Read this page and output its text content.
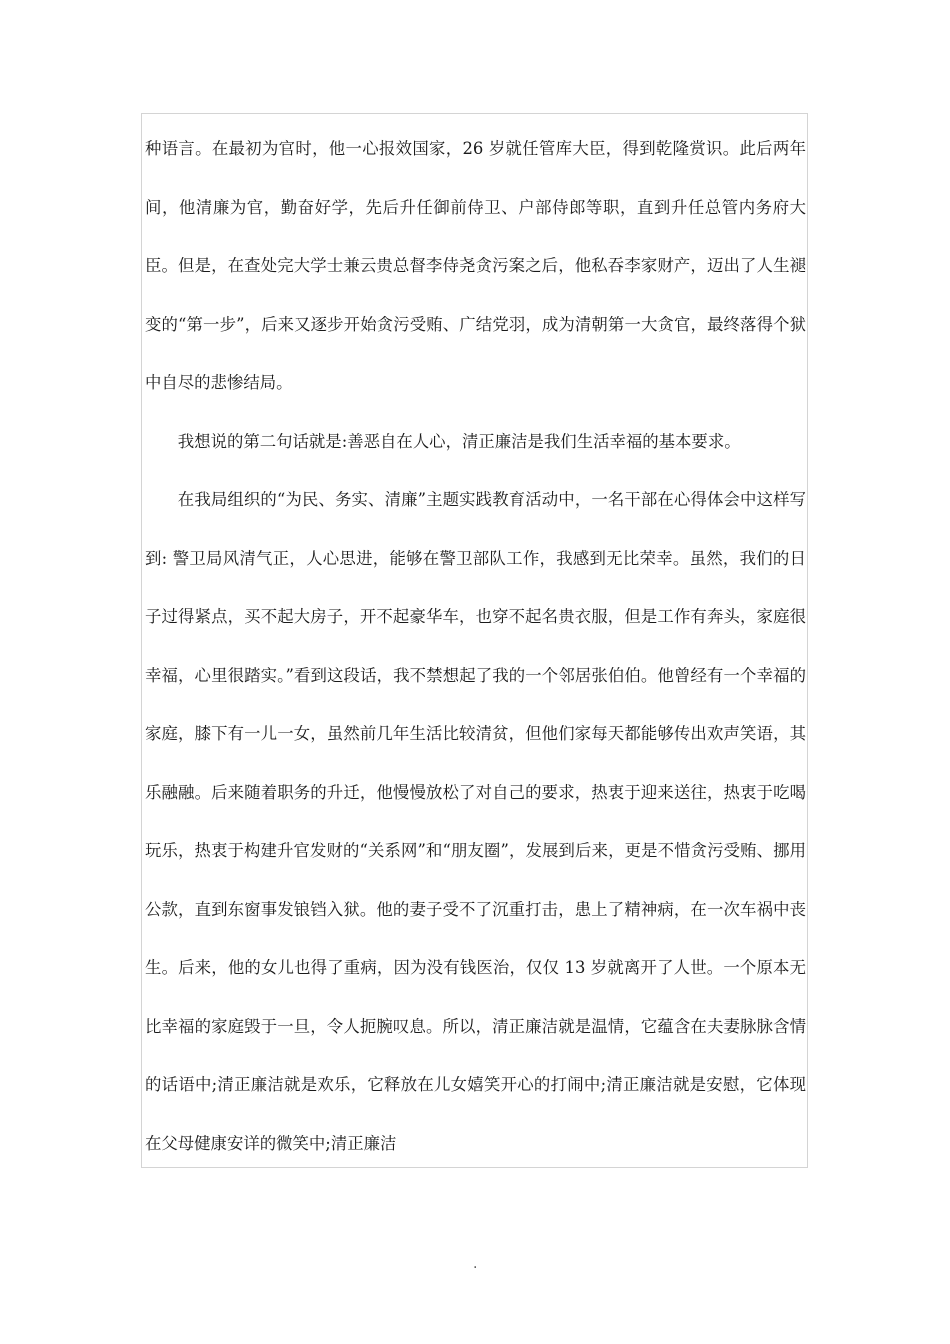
种语言。在最初为官时，他一心报效国家，26 岁就任管库大臣，得到乾隆赏识。此后两年间，他清廉为官，勤奋好学，先后升任御前侍卫、户部侍郎等职，直到升任总管内务府大臣。但是，在查处完大学士兼云贵总督李侍尧贪污案之后，他私吞李家财产，迈出了人生褪变的“第一步”，后来又逐步开始贪污受贿、广结党羽，成为清朝第一大贪官，最终落得个狱中自尽的悲惨结局。

我想说的第二句话就是:善恶自在人心，清正廉洁是我们生活幸福的基本要求。

在我局组织的“为民、务实、清廉”主题实践教育活动中，一名干部在心得体会中这样写到: 警卫局风清气正，人心思进，能够在警卫部队工作，我感到无比荣幸。虽然，我们的日子过得紧点，买不起大房子，开不起豪华车，也穿不起名贵衣服，但是工作有奔头，家庭很幸福，心里很踏实。”看到这段话，我不禁想起了我的一个邻居张伯伯。他曾经有一个幸福的家庭，膝下有一儿一女，虽然前几年生活比较清贫，但他们家每天都能够传出欢声笑语，其乐融融。后来随着职务的升迁，他慢慢放松了对自己的要求，热衷于迎来送往，热衷于吃喝玩乐，热衷于构建升官发财的“关系网”和“朋友圈”，发展到后来，更是不惜贪污受贿、挪用公款，直到东窗事发锒铛入狱。他的妻子受不了沉重打击，患上了精神病，在一次车祸中丧生。后来，他的女儿也得了重病，因为没有钱医治，仅仅 13 岁就离开了人世。一个原本无比幸福的家庭毁于一旦，令人扼腕叹息。所以，清正廉洁就是温情，它蕴含在夫妻脉脉含情的话语中;清正廉洁就是欢乐，它释放在儿女嬉笑开心的打闹中;清正廉洁就是安慰，它体现在父母健康安详的微笑中;清正廉洁

.
